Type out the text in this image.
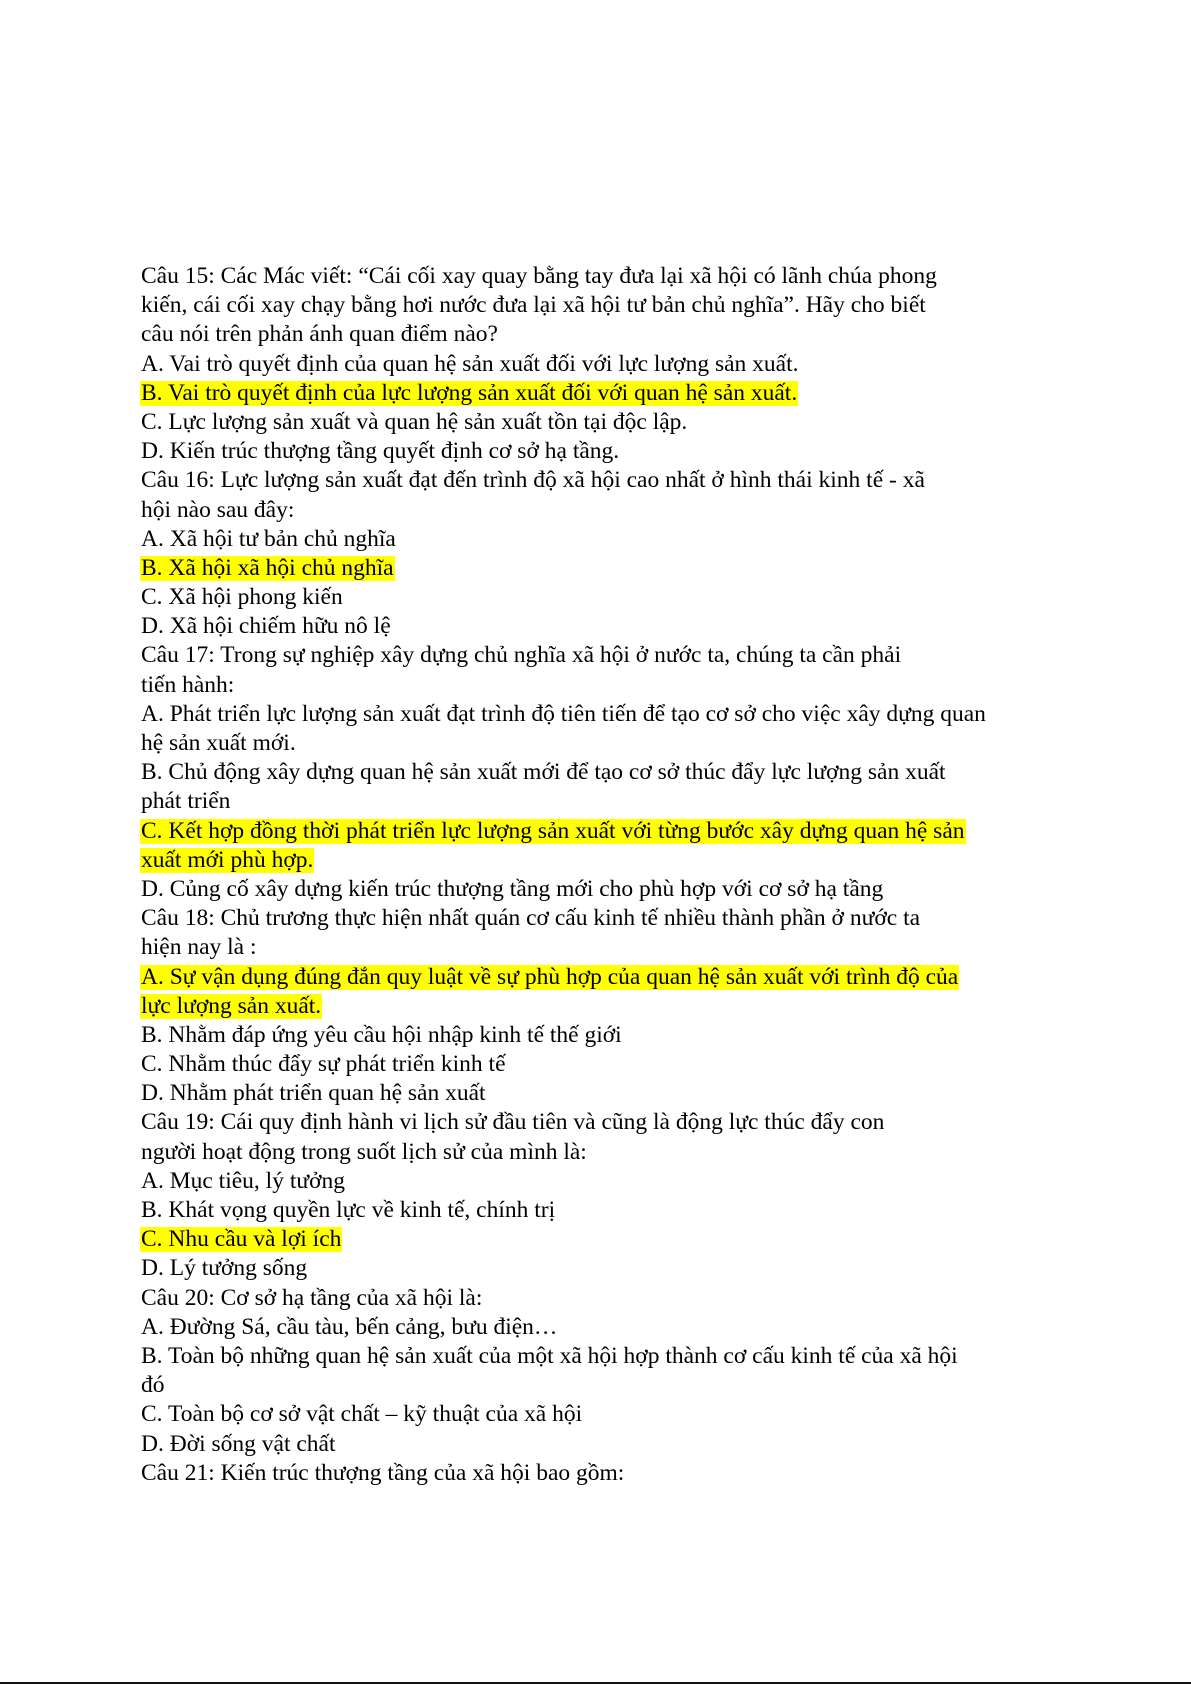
Câu 15: Các Mác viết: “Cái cối xay quay bằng tay đưa lại xã hội có lãnh chúa phong
kiến, cái cối xay chạy bằng hơi nước đưa lại xã hội tư bản chủ nghĩa”. Hãy cho biết
câu nói trên phản ánh quan điểm nào?
A. Vai trò quyết định của quan hệ sản xuất đối với lực lượng sản xuất.
B. Vai trò quyết định của lực lượng sản xuất đối với quan hệ sản xuất.
C. Lực lượng sản xuất và quan hệ sản xuất tồn tại độc lập.
D. Kiến trúc thượng tầng quyết định cơ sở hạ tầng.
Câu 16: Lực lượng sản xuất đạt đến trình độ xã hội cao nhất ở hình thái kinh tế - xã
hội nào sau đây:
A. Xã hội tư bản chủ nghĩa
B. Xã hội xã hội chủ nghĩa
C. Xã hội phong kiến
D. Xã hội chiếm hữu nô lệ
Câu 17: Trong sự nghiệp xây dựng chủ nghĩa xã hội ở nước ta, chúng ta cần phải
tiến hành:
A. Phát triển lực lượng sản xuất đạt trình độ tiên tiến để tạo cơ sở cho việc xây dựng quan
hệ sản xuất mới.
B. Chủ động xây dựng quan hệ sản xuất mới để tạo cơ sở thúc đẩy lực lượng sản xuất
phát triển
C. Kết hợp đồng thời phát triển lực lượng sản xuất với từng bước xây dựng quan hệ sản
xuất mới phù hợp.
D. Củng cố xây dựng kiến trúc thượng tầng mới cho phù hợp với cơ sở hạ tầng
Câu 18: Chủ trương thực hiện nhất quán cơ cấu kinh tế nhiều thành phần ở nước ta
hiện nay là :
A. Sự vận dụng đúng đắn quy luật về sự phù hợp của quan hệ sản xuất với trình độ của
lực lượng sản xuất.
B. Nhằm đáp ứng yêu cầu hội nhập kinh tế thế giới
C. Nhằm thúc đẩy sự phát triển kinh tế
D. Nhằm phát triển quan hệ sản xuất
Câu 19: Cái quy định hành vi lịch sử đầu tiên và cũng là động lực thúc đẩy con
người hoạt động trong suốt lịch sử của mình là:
A. Mục tiêu, lý tưởng
B. Khát vọng quyền lực về kinh tế, chính trị
C. Nhu cầu và lợi ích
D. Lý tưởng sống
Câu 20: Cơ sở hạ tầng của xã hội là:
A. Đường Sá, cầu tàu, bến cảng, bưu điện…
B. Toàn bộ những quan hệ sản xuất của một xã hội hợp thành cơ cấu kinh tế của xã hội
đó
C. Toàn bộ cơ sở vật chất – kỹ thuật của xã hội
D. Đời sống vật chất
Câu 21: Kiến trúc thượng tầng của xã hội bao gồm:
